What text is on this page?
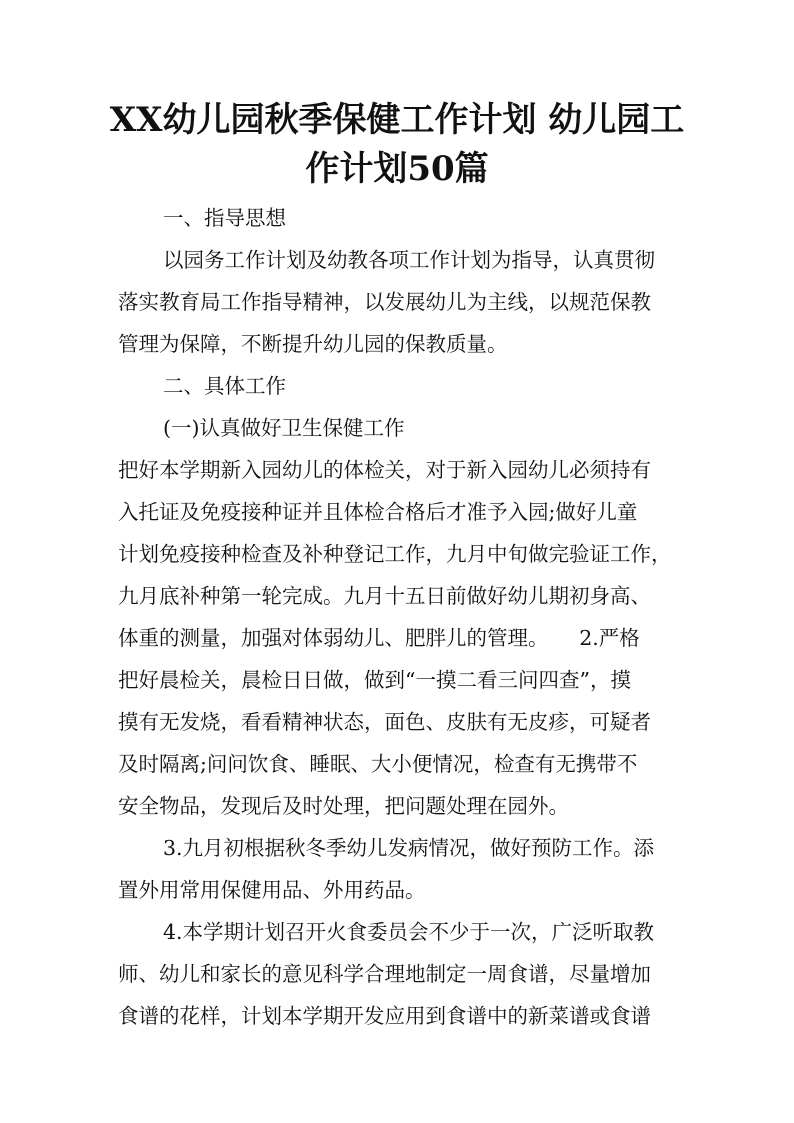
XX幼儿园秋季保健工作计划 幼儿园工
作计划50篇

一、指导思想

以园务工作计划及幼教各项工作计划为指导，认真贯彻

落实教育局工作指导精神，以发展幼儿为主线，以规范保教

管理为保障，不断提升幼儿园的保教质量。

二、具体工作

(一)认真做好卫生保健工作

把好本学期新入园幼儿的体检关，对于新入园幼儿必须持有

入托证及免疫接种证并且体检合格后才准予入园;做好儿童

计划免疫接种检查及补种登记工作，九月中旬做完验证工作，

九月底补种第一轮完成。九月十五日前做好幼儿期初身高、

体重的测量，加强对体弱幼儿、肥胖儿的管理。　　2.严格

把好晨检关，晨检日日做，做到“一摸二看三问四查”，摸

摸有无发烧，看看精神状态，面色、皮肤有无皮疹，可疑者

及时隔离;问问饮食、睡眠、大小便情况，检查有无携带不

安全物品，发现后及时处理，把问题处理在园外。

3.九月初根据秋冬季幼儿发病情况，做好预防工作。添

置外用常用保健用品、外用药品。

4.本学期计划召开火食委员会不少于一次，广泛听取教

师、幼儿和家长的意见科学合理地制定一周食谱，尽量增加

食谱的花样，计划本学期开发应用到食谱中的新菜谱或食谱
